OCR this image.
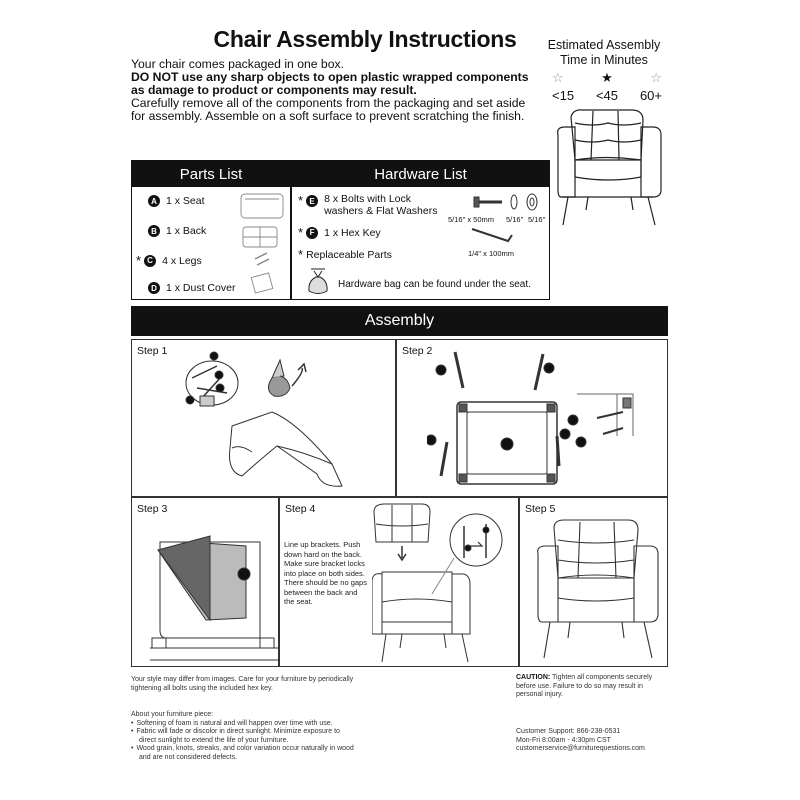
Chair Assembly Instructions

Your chair comes packaged in one box.

DO NOT use any sharp objects to open plastic wrapped components as damage to product or components may result.

Carefully remove all of the components from the packaging and set aside for assembly. Assemble on a soft surface to prevent scratching the finish.

Estimated Assembly
Time in Minutes
☆	★	☆
<15 <45 60+
Parts List
A 1 x Seat
B 1 x Back
* C 4 x Legs
D 1 x Dust Cover
Hardware List
* E 8 x Bolts with Lock
washers & Flat Washers
* F 1 x Hex Key
* Replaceable Parts
5/16" x 50mm 5/16" 5/16"
1/4" x 100mm
Hardware bag can be found under the seat.
Assembly
Step 1	Step 2
Step 3	Step 4
Line up brackets. Push
down hard on the back.
Make sure bracket locks
into place on both sides.
There should be no gaps
between the back and
the seat.
Step 5
Your style may differ from images. Care for your furniture by periodically
tightening all bolts using the included hex key.
CAUTION: Tighten all components securely
before use. Failure to do so may result in
personal injury.
About your furniture piece:
• Softening of foam is natural and will happen over time with use.
• Fabric will fade or discolor in direct sunlight. Minimize exposure to
direct sunlight to extend the life of your furniture.
• Wood grain, knots, streaks, and color variation occur naturally in wood
and are not considered defects.
Customer Support: 866-238-0531
Mon-Fri 8:00am - 4:30pm CST
customerservice@furniturequestions.com
